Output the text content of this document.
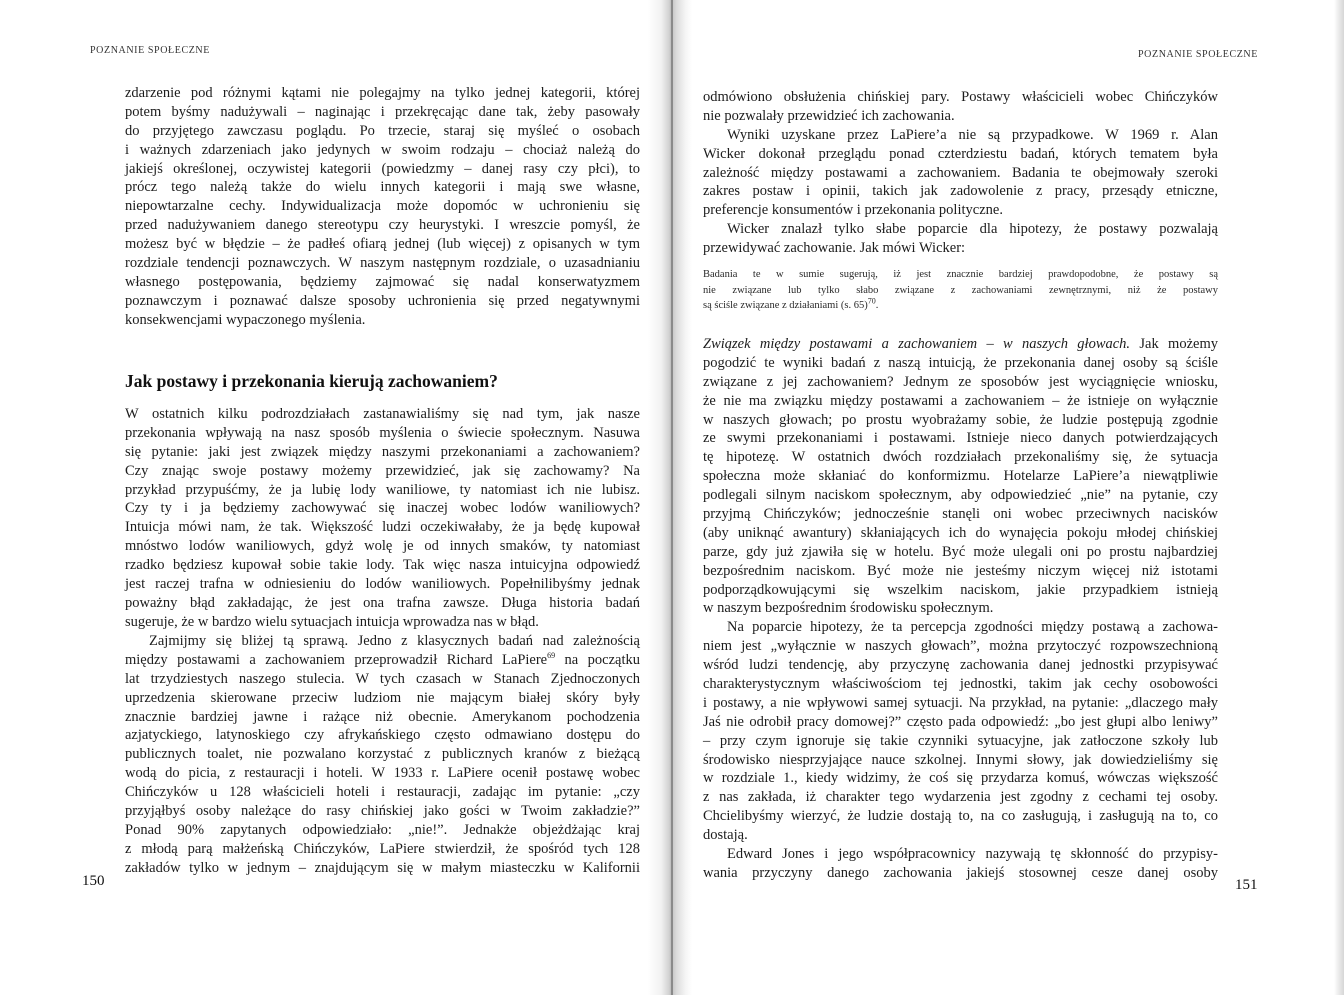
POZNANIE SPOŁECZNE
zdarzenie pod różnymi kątami nie polegajmy na tylko jednej kategorii, której
potem byśmy nadużywali – naginając i przekręcając dane tak, żeby pasowały
do przyjętego zawczasu poglądu. Po trzecie, staraj się myśleć o osobach
i ważnych zdarzeniach jako jedynych w swoim rodzaju – chociaż należą do
jakiejś określonej, oczywistej kategorii (powiedzmy – danej rasy czy płci), to
prócz tego należą także do wielu innych kategorii i mają swe własne,
niepowtarzalne cechy. Indywidualizacja może dopomóc w uchronieniu się
przed nadużywaniem danego stereotypu czy heurystyki. I wreszcie pomyśl, że
możesz być w błędzie – że padłeś ofiarą jednej (lub więcej) z opisanych w tym
rozdziale tendencji poznawczych. W naszym następnym rozdziale, o uzasadnianiu
własnego postępowania, będziemy zajmować się nadal konserwatyzmem
poznawczym i poznawać dalsze sposoby uchronienia się przed negatywnymi
konsekwencjami wypaczonego myślenia.
Jak postawy i przekonania kierują zachowaniem?
W ostatnich kilku podrozdziałach zastanawialiśmy się nad tym, jak nasze
przekonania wpływają na nasz sposób myślenia o świecie społecznym. Nasuwa
się pytanie: jaki jest związek między naszymi przekonaniami a zachowaniem?
Czy znając swoje postawy możemy przewidzieć, jak się zachowamy? Na
przykład przypuśćmy, że ja lubię lody waniliowe, ty natomiast ich nie lubisz.
Czy ty i ja będziemy zachowywać się inaczej wobec lodów waniliowych?
Intuicja mówi nam, że tak. Większość ludzi oczekiwałaby, że ja będę kupował
mnóstwo lodów waniliowych, gdyż wolę je od innych smaków, ty natomiast
rzadko będziesz kupował sobie takie lody. Tak więc nasza intuicyjna odpowiedź
jest raczej trafna w odniesieniu do lodów waniliowych. Popełnilibyśmy jednak
poważny błąd zakładając, że jest ona trafna zawsze. Długa historia badań
sugeruje, że w bardzo wielu sytuacjach intuicja wprowadza nas w błąd.
Zajmijmy się bliżej tą sprawą. Jedno z klasycznych badań nad zależnością
między postawami a zachowaniem przeprowadził Richard LaPiere$^{69}$ na początku
lat trzydziestych naszego stulecia. W tych czasach w Stanach Zjednoczonych
uprzedzenia skierowane przeciw ludziom nie mającym białej skóry były
znacznie bardziej jawne i rażące niż obecnie. Amerykanom pochodzenia
azjatyckiego, latynoskiego czy afrykańskiego często odmawiano dostępu do
publicznych toalet, nie pozwalano korzystać z publicznych kranów z bieżącą
wodą do picia, z restauracji i hoteli. W 1933 r. LaPiere ocenił postawę wobec
Chińczyków u 128 właścicieli hoteli i restauracji, zadając im pytanie: „czy
przyjąłbyś osoby należące do rasy chińskiej jako gości w Twoim zakładzie?”
Ponad 90% zapytanych odpowiedziało: „nie!”. Jednakże objeżdżając kraj
z młodą parą małżeńską Chińczyków, LaPiere stwierdził, że spośród tych 128
zakładów tylko w jednym – znajdującym się w małym miasteczku w Kalifornii
150
POZNANIE SPOŁECZNE
odmówiono obsłużenia chińskiej pary. Postawy właścicieli wobec Chińczyków
nie pozwalały przewidzieć ich zachowania.
Wyniki uzyskane przez LaPiere’a nie są przypadkowe. W 1969 r. Alan
Wicker dokonał przeglądu ponad czterdziestu badań, których tematem była
zależność między postawami a zachowaniem. Badania te obejmowały szeroki
zakres postaw i opinii, takich jak zadowolenie z pracy, przesądy etniczne,
preferencje konsumentów i przekonania polityczne.
Wicker znalazł tylko słabe poparcie dla hipotezy, że postawy pozwalają
przewidywać zachowanie. Jak mówi Wicker:
Badania te w sumie sugerują, iż jest znacznie bardziej prawdopodobne, że postawy są
nie związane lub tylko słabo związane z zachowaniami zewnętrznymi, niż że postawy
są ściśle związane z działaniami (s. 65)$^{70}$.
Związek między postawami a zachowaniem – w naszych głowach. Jak możemy
pogodzić te wyniki badań z naszą intuicją, że przekonania danej osoby są ściśle
związane z jej zachowaniem? Jednym ze sposobów jest wyciągnięcie wniosku,
że nie ma związku między postawami a zachowaniem – że istnieje on wyłącznie
w naszych głowach; po prostu wyobrażamy sobie, że ludzie postępują zgodnie
ze swymi przekonaniami i postawami. Istnieje nieco danych potwierdzających
tę hipotezę. W ostatnich dwóch rozdziałach przekonaliśmy się, że sytuacja
społeczna może skłaniać do konformizmu. Hotelarze LaPiere’a niewątpliwie
podlegali silnym naciskom społecznym, aby odpowiedzieć „nie” na pytanie, czy
przyjmą Chińczyków; jednocześnie stanęli oni wobec przeciwnych nacisków
(aby uniknąć awantury) skłaniających ich do wynajęcia pokoju młodej chińskiej
parze, gdy już zjawiła się w hotelu. Być może ulegali oni po prostu najbardziej
bezpośrednim naciskom. Być może nie jesteśmy niczym więcej niż istotami
podporządkowującymi się wszelkim naciskom, jakie przypadkiem istnieją
w naszym bezpośrednim środowisku społecznym.
Na poparcie hipotezy, że ta percepcja zgodności między postawą a zachowa-
niem jest „wyłącznie w naszych głowach”, można przytoczyć rozpowszechnioną
wśród ludzi tendencję, aby przyczynę zachowania danej jednostki przypisywać
charakterystycznym właściwościom tej jednostki, takim jak cechy osobowości
i postawy, a nie wpływowi samej sytuacji. Na przykład, na pytanie: „dlaczego mały
Jaś nie odrobił pracy domowej?” często pada odpowiedź: „bo jest głupi albo leniwy”
– przy czym ignoruje się takie czynniki sytuacyjne, jak zatłoczone szkoły lub
środowisko niesprzyjające nauce szkolnej. Innymi słowy, jak dowiedzieliśmy się
w rozdziale 1., kiedy widzimy, że coś się przydarza komuś, wówczas większość
z nas zakłada, iż charakter tego wydarzenia jest zgodny z cechami tej osoby.
Chcielibyśmy wierzyć, że ludzie dostają to, na co zasługują, i zasługują na to, co
dostają.
Edward Jones i jego współpracownicy nazywają tę skłonność do przypisy-
wania przyczyny danego zachowania jakiejś stosownej cesze danej osoby
151
